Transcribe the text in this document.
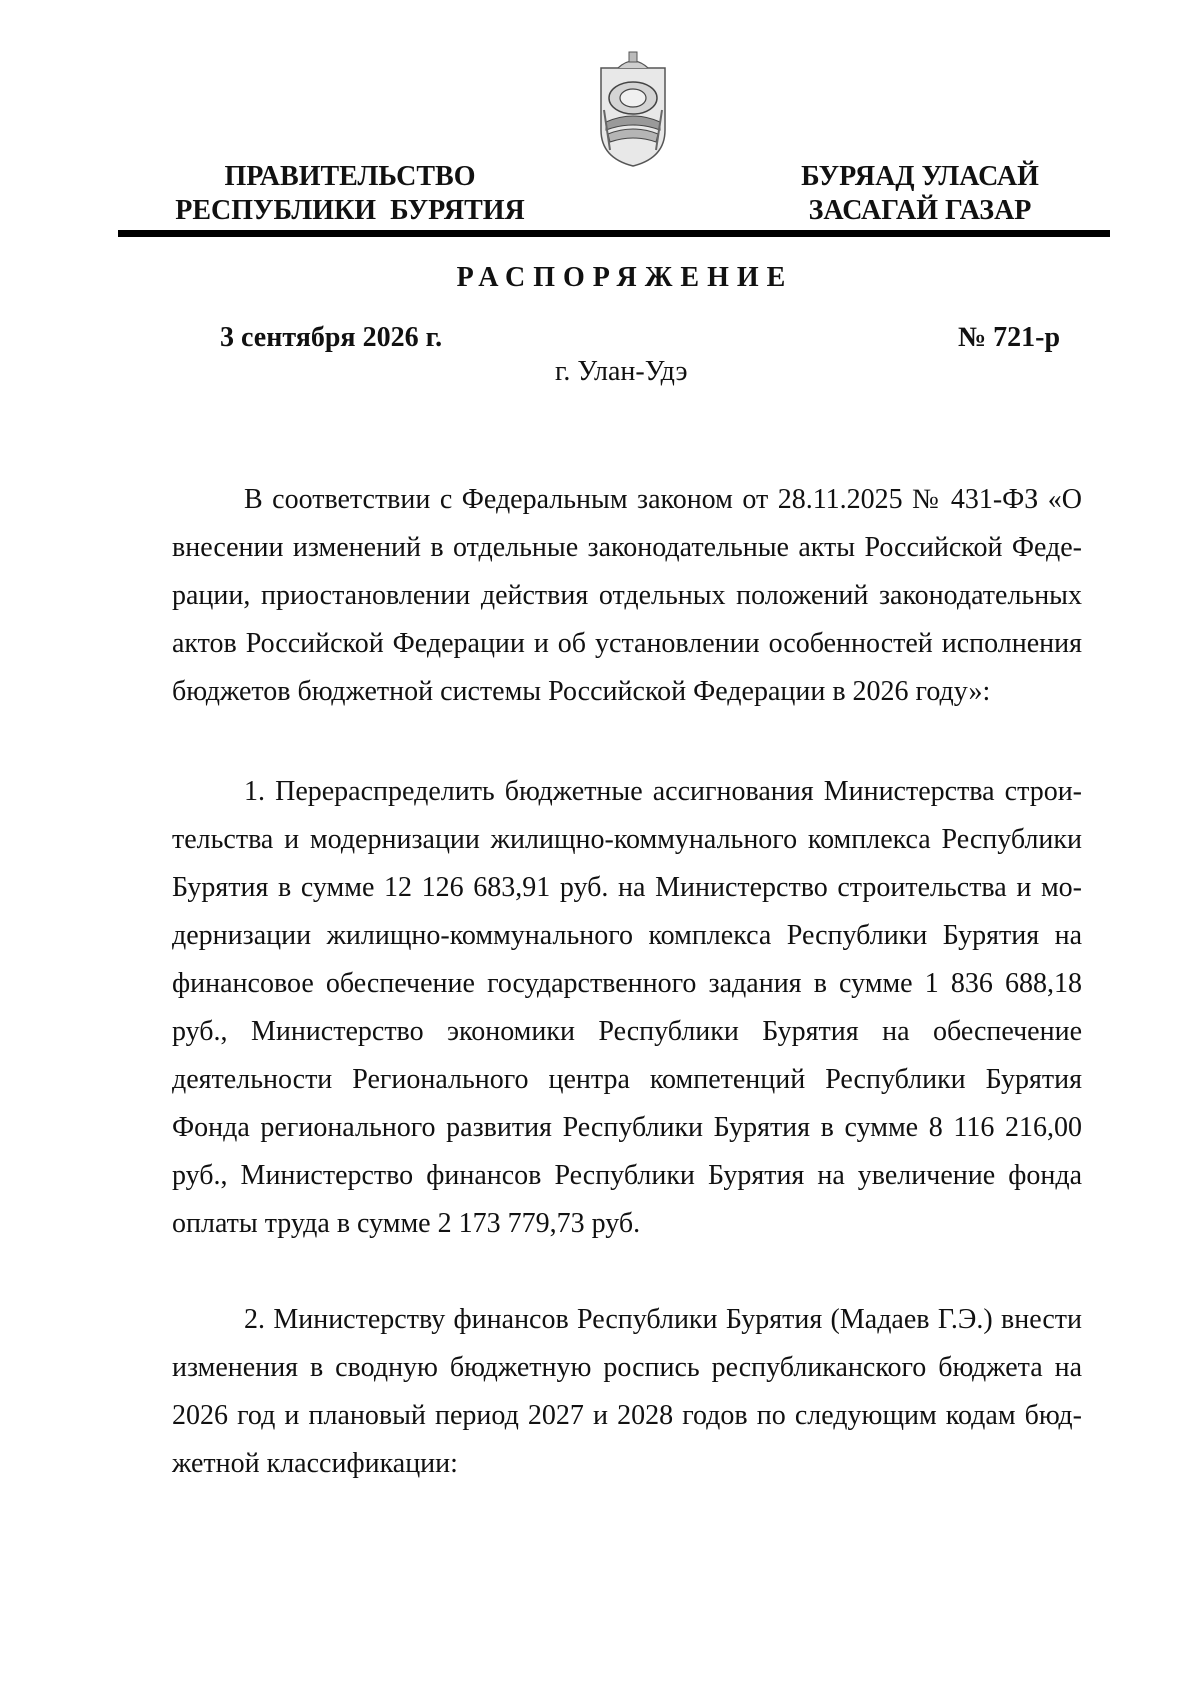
ПРАВИТЕЛЬСТВО
РЕСПУБЛИКИ  БУРЯТИЯ
БУРЯАД УЛАСАЙ
ЗАСАГАЙ ГАЗАР
РАСПОРЯЖЕНИЕ
3 сентября 2026 г.	№ 721-р
г. Улан-Удэ

В соответствии с Федеральным законом от 28.11.2025 № 431-ФЗ «О внесении изменений в отдельные законодательные акты Российской Федерации, приостановлении действия отдельных положений законодательных актов Российской Федерации и об установлении особенностей исполнения бюджетов бюджетной системы Российской Федерации в 2026 году»:

1. Перераспределить бюджетные ассигнования Министерства строительства и модернизации жилищно-коммунального комплекса Республики Бурятия в сумме 12 126 683,91 руб. на Министерство строительства и модернизации жилищно-коммунального комплекса Республики Бурятия на финансовое обеспечение государственного задания в сумме 1 836 688,18 руб., Министерство экономики Республики Бурятия на обеспечение деятельности Регионального центра компетенций Республики Бурятия Фонда регионального развития Республики Бурятия в сумме 8 116 216,00 руб., Министерство финансов Республики Бурятия на увеличение фонда оплаты труда в сумме 2 173 779,73 руб.

2. Министерству финансов Республики Бурятия (Мадаев Г.Э.) внести изменения в сводную бюджетную роспись республиканского бюджета на 2026 год и плановый период 2027 и 2028 годов по следующим кодам бюджетной классификации:
